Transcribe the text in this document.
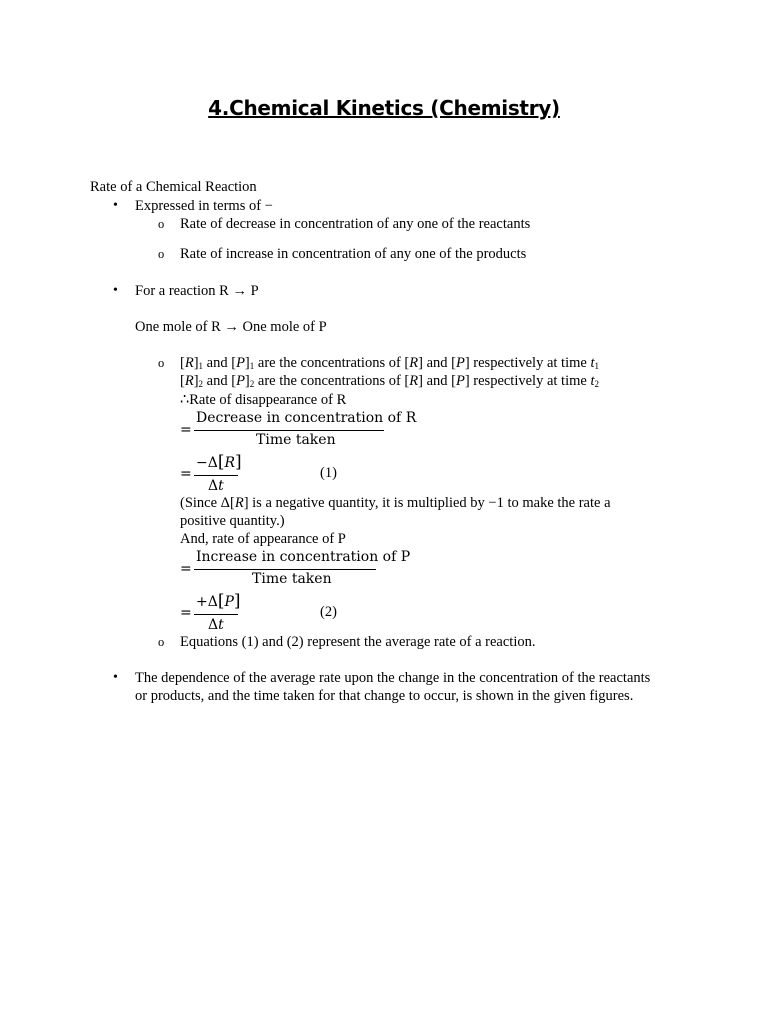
4.Chemical Kinetics (Chemistry)
Rate of a Chemical Reaction
• Expressed in terms of −
o Rate of decrease in concentration of any one of the reactants
o Rate of increase in concentration of any one of the products
• For a reaction R → P
One mole of R → One mole of P
o $[R]_1$ and $[P]_1$ are the concentrations of [R] and [P] respectively at time $t_1$
$[R]_2$ and $[P]_2$ are the concentrations of [R] and [P] respectively at time $t_2$
∴Rate of disappearance of R
=
Decrease in concentration of R
Time taken
=
−Δ[R]
Δt
(1)
(Since Δ[R] is a negative quantity, it is multiplied by −1 to make the rate a
positive quantity.)
And, rate of appearance of P
=
Increase in concentration of P
Time taken
=
+Δ[P]
Δt
(2)
o Equations (1) and (2) represent the average rate of a reaction.
• The dependence of the average rate upon the change in the concentration of the reactants
or products, and the time taken for that change to occur, is shown in the given figures.
